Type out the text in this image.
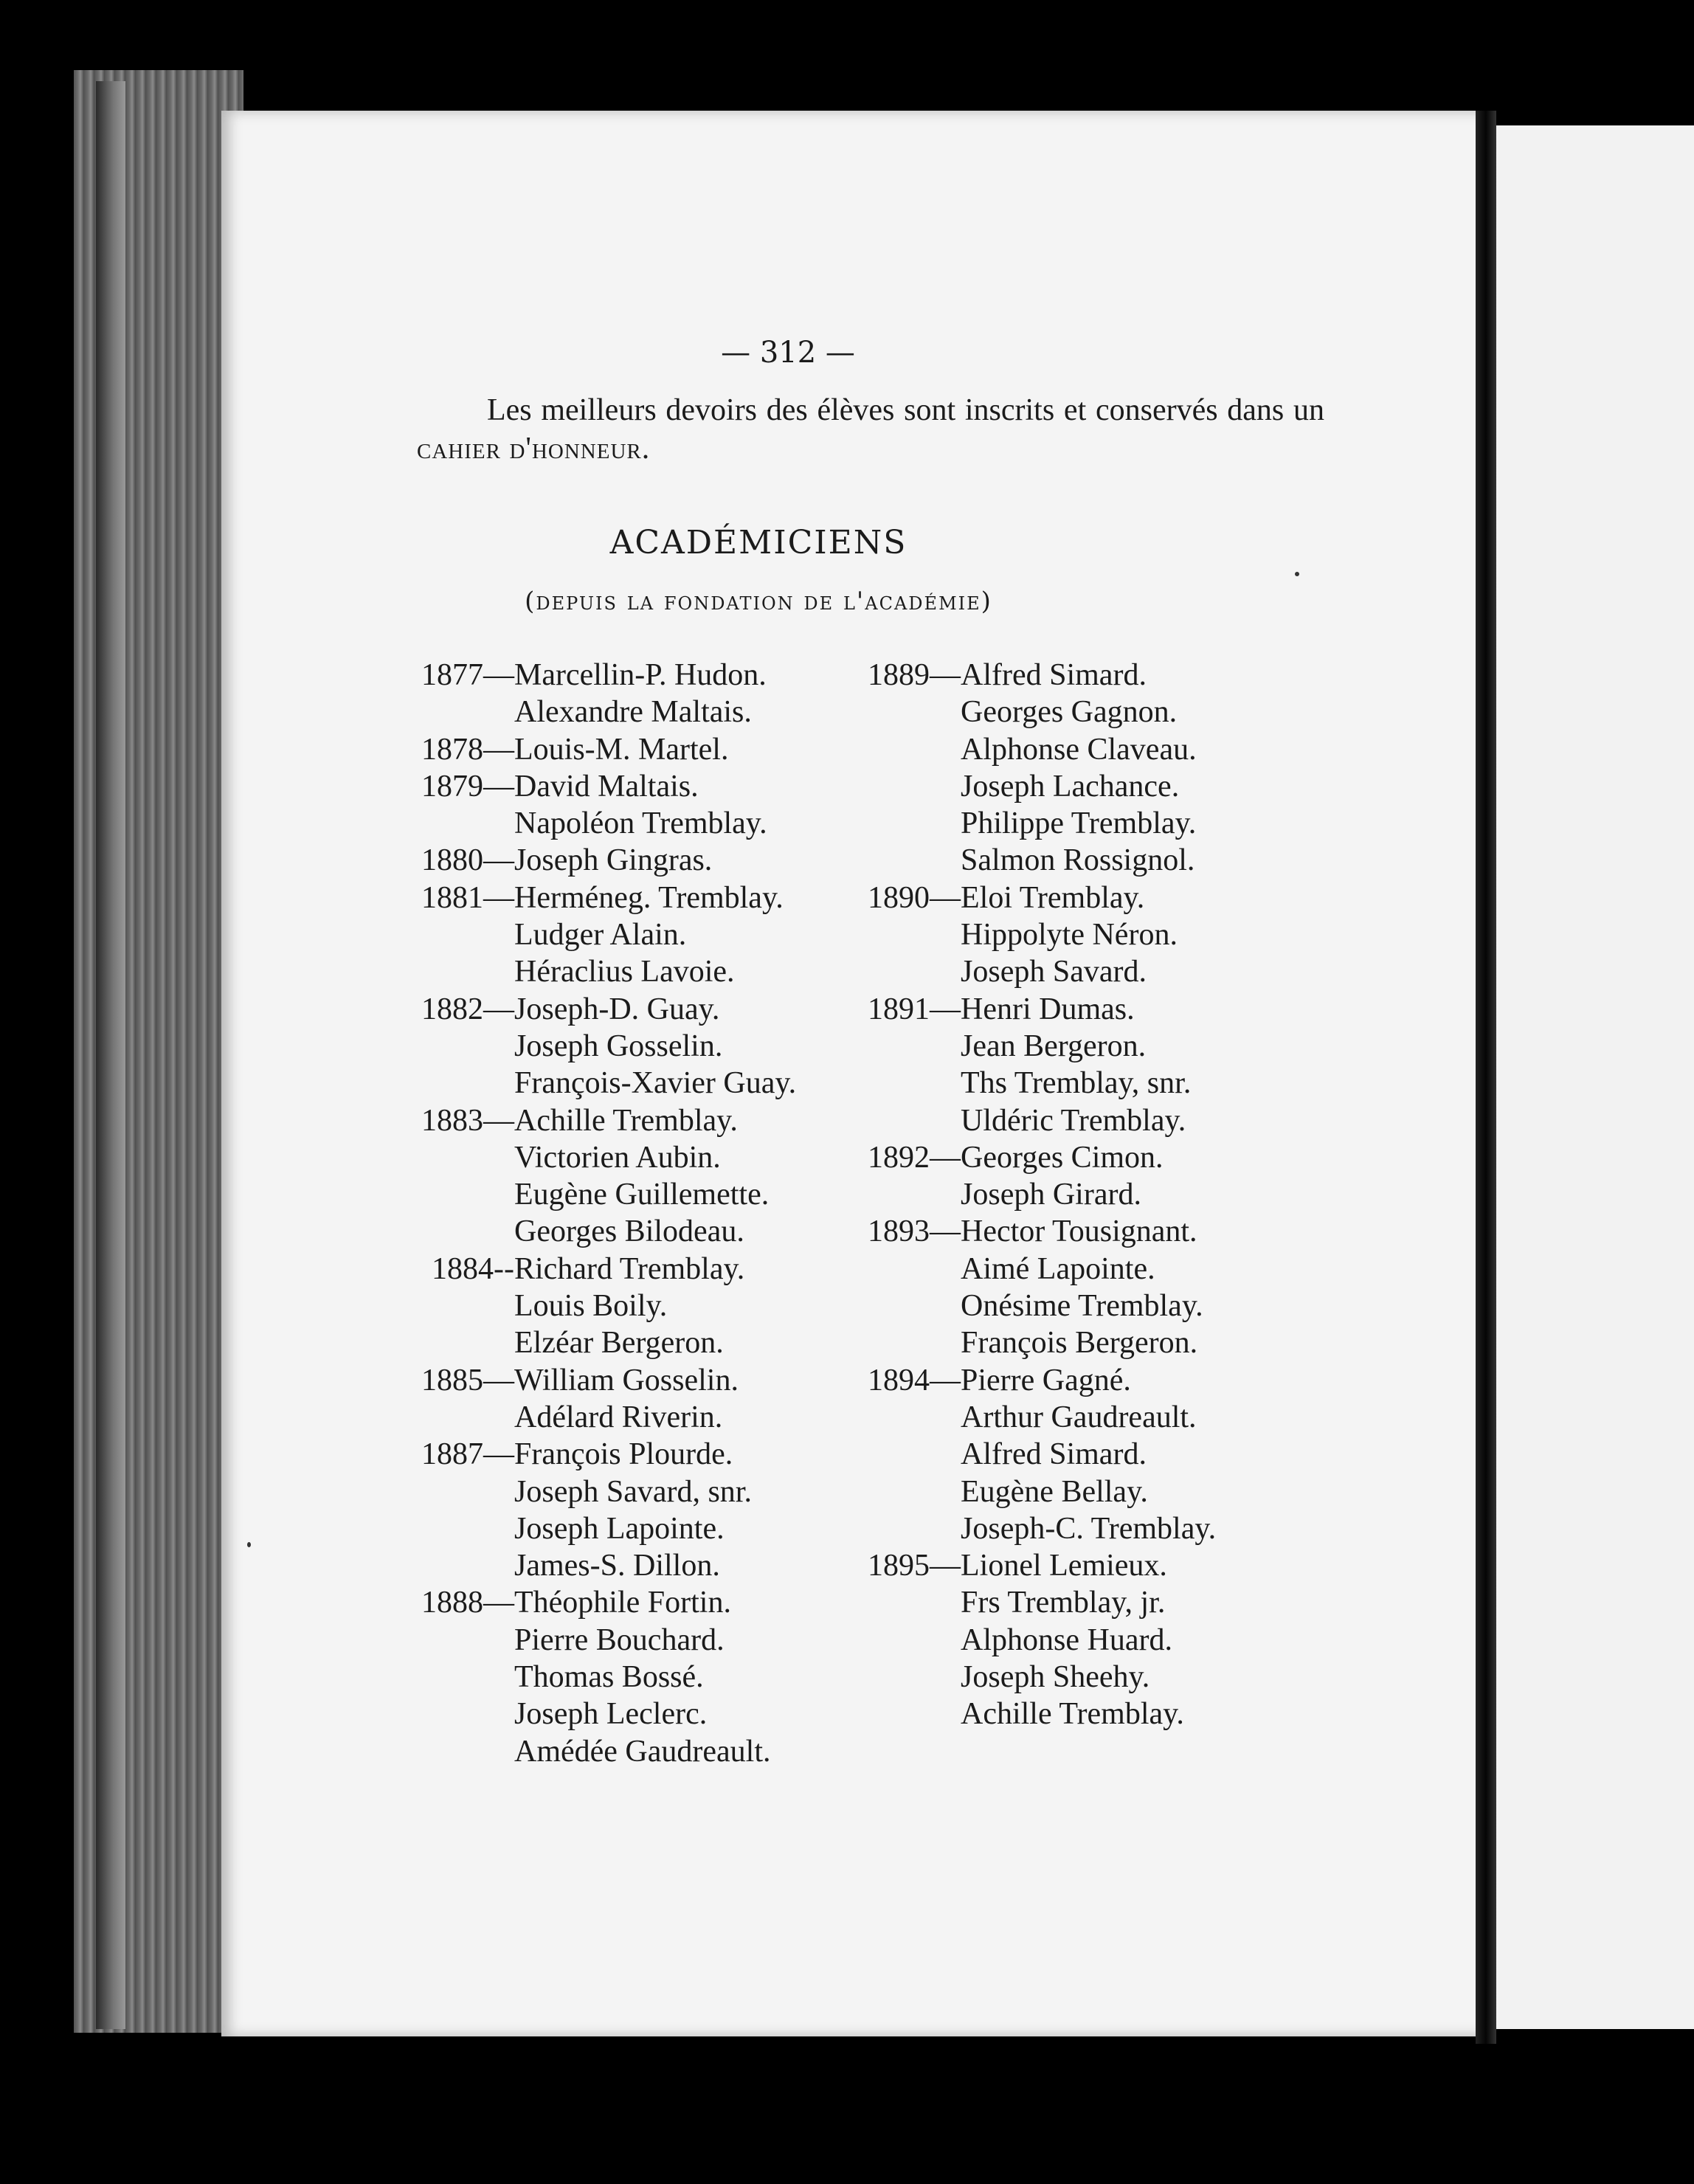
— 312 —
Les meilleurs devoirs des élèves sont inscrits et conservés dans un cahier d'honneur.
ACADÉMICIENS
(depuis la fondation de l'académie)
1877— Marcellin-P. Hudon.
Alexandre Maltais.
1878— Louis-M. Martel.
1879— David Maltais.
Napoléon Tremblay.
1880— Joseph Gingras.
1881— Herméneg. Tremblay.
Ludger Alain.
Héraclius Lavoie.
1882— Joseph-D. Guay.
Joseph Gosselin.
François-Xavier Guay.
1883— Achille Tremblay.
Victorien Aubin.
Eugène Guillemette.
Georges Bilodeau.
1884-- Richard Tremblay.
Louis Boily.
Elzéar Bergeron.
1885— William Gosselin.
Adélard Riverin.
1887— François Plourde.
Joseph Savard, snr.
Joseph Lapointe.
James-S. Dillon.
1888— Théophile Fortin.
Pierre Bouchard.
Thomas Bossé.
Joseph Leclerc.
Amédée Gaudreault.
1889— Alfred Simard.
Georges Gagnon.
Alphonse Claveau.
Joseph Lachance.
Philippe Tremblay.
Salmon Rossignol.
1890— Eloi Tremblay.
Hippolyte Néron.
Joseph Savard.
1891— Henri Dumas.
Jean Bergeron.
Ths Tremblay, snr.
Uldéric Tremblay.
1892— Georges Cimon.
Joseph Girard.
1893— Hector Tousignant.
Aimé Lapointe.
Onésime Tremblay.
François Bergeron.
1894— Pierre Gagné.
Arthur Gaudreault.
Alfred Simard.
Eugène Bellay.
Joseph-C. Tremblay.
1895— Lionel Lemieux.
Frs Tremblay, jr.
Alphonse Huard.
Joseph Sheehy.
Achille Tremblay.
